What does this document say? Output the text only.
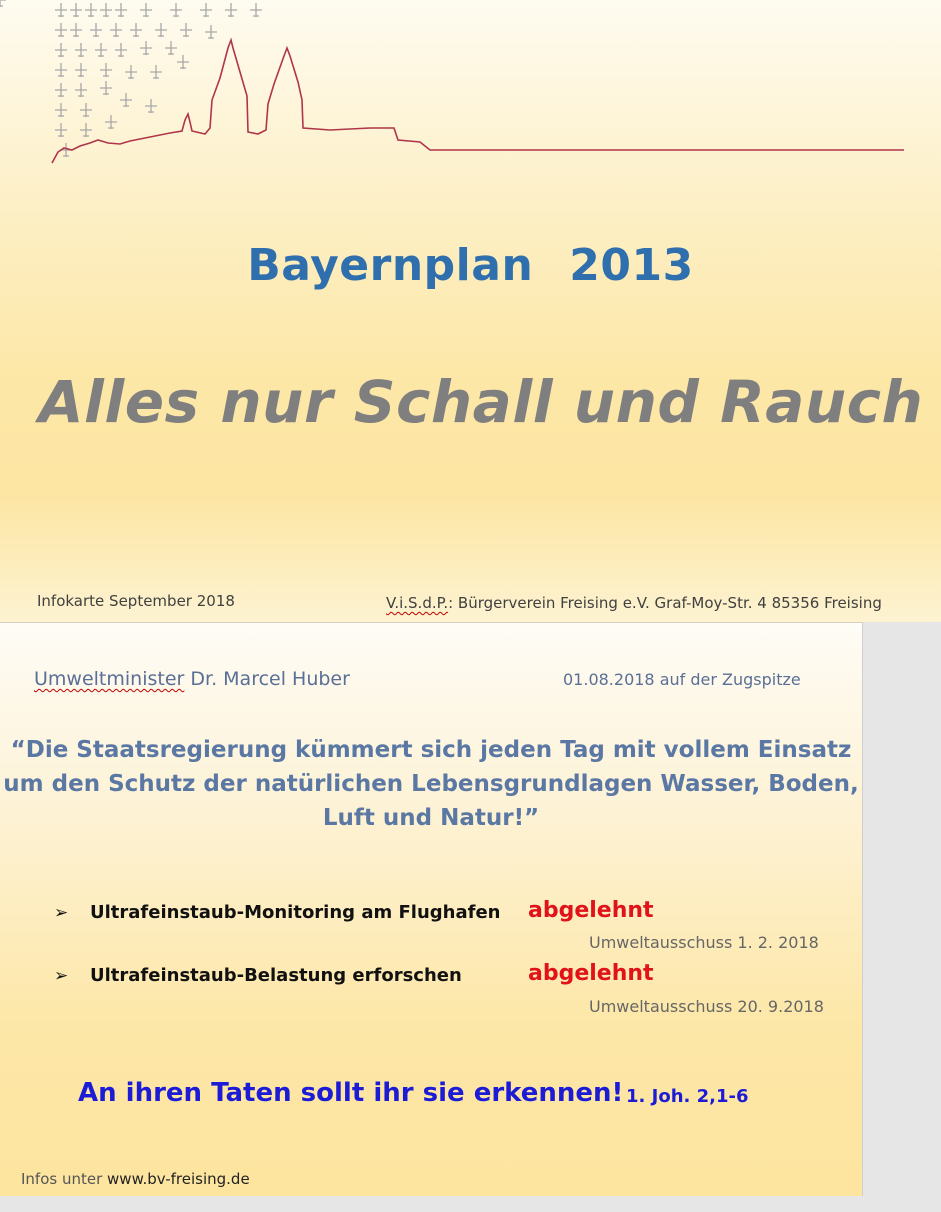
Bayernplan 2013
Alles nur Schall und Rauch
Infokarte September 2018	V.i.S.d.P.: Bürgerverein Freising e.V. Graf-Moy-Str. 4 85356 Freising
Umweltminister Dr. Marcel Huber	01.08.2018 auf der Zugspitze
“Die Staatsregierung kümmert sich jeden Tag mit vollem Einsatz
um den Schutz der natürlichen Lebensgrundlagen Wasser, Boden,
Luft und Natur!”
➢ Ultrafeinstaub-Monitoring am Flughafen abgelehnt
Umweltausschuss 1. 2. 2018
➢ Ultrafeinstaub-Belastung erforschen	abgelehnt
Umweltausschuss 20. 9.2018
An ihren Taten sollt ihr sie erkennen! 1. Joh. 2,1-6
Infos unter www.bv-freising.de
